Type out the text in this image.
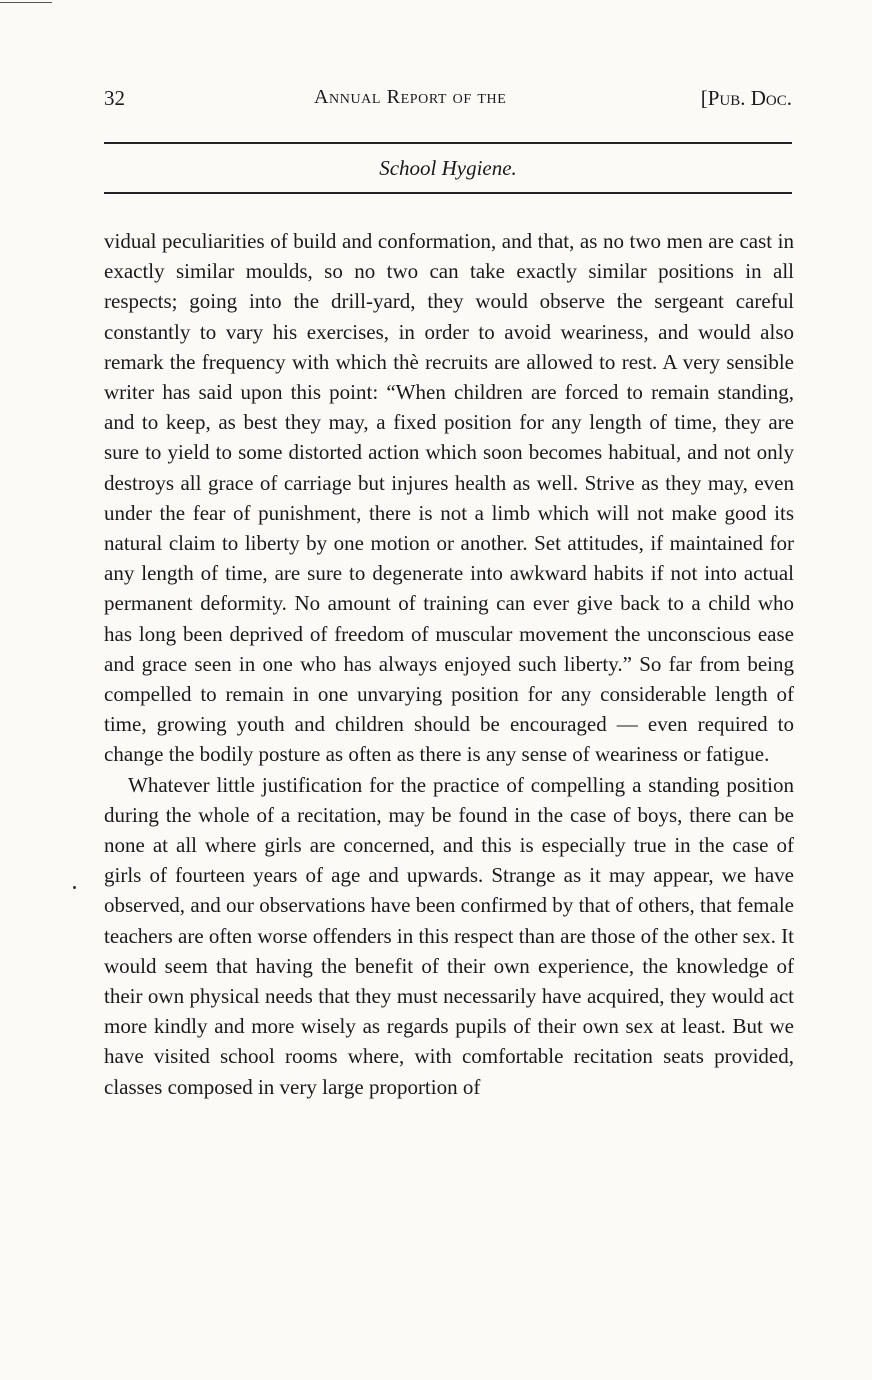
32	Annual Report of the	[Pub. Doc.
School Hygiene.

vidual peculiarities of build and conformation, and that, as no two men are cast in exactly similar moulds, so no two can take exactly similar positions in all respects; going into the drill-yard, they would observe the sergeant careful constantly to vary his exercises, in order to avoid weariness, and would also remark the frequency with which thè recruits are allowed to rest. A very sensible writer has said upon this point: “When children are forced to remain standing, and to keep, as best they may, a fixed position for any length of time, they are sure to yield to some distorted action which soon becomes habitual, and not only destroys all grace of carriage but injures health as well. Strive as they may, even under the fear of punishment, there is not a limb which will not make good its natural claim to liberty by one motion or another. Set attitudes, if maintained for any length of time, are sure to degenerate into awkward habits if not into actual permanent deformity. No amount of training can ever give back to a child who has long been deprived of freedom of muscular movement the unconscious ease and grace seen in one who has always enjoyed such liberty.” So far from being compelled to remain in one unvarying position for any considerable length of time, growing youth and children should be encouraged — even required to change the bodily posture as often as there is any sense of weariness or fatigue.

Whatever little justification for the practice of compelling a standing position during the whole of a recitation, may be found in the case of boys, there can be none at all where girls are concerned, and this is especially true in the case of girls of fourteen years of age and upwards. Strange as it may appear, we have observed, and our observations have been confirmed by that of others, that female teachers are often worse offenders in this respect than are those of the other sex. It would seem that having the benefit of their own experience, the knowledge of their own physical needs that they must necessarily have acquired, they would act more kindly and more wisely as regards pupils of their own sex at least. But we have visited school rooms where, with comfortable recitation seats provided, classes composed in very large proportion of
